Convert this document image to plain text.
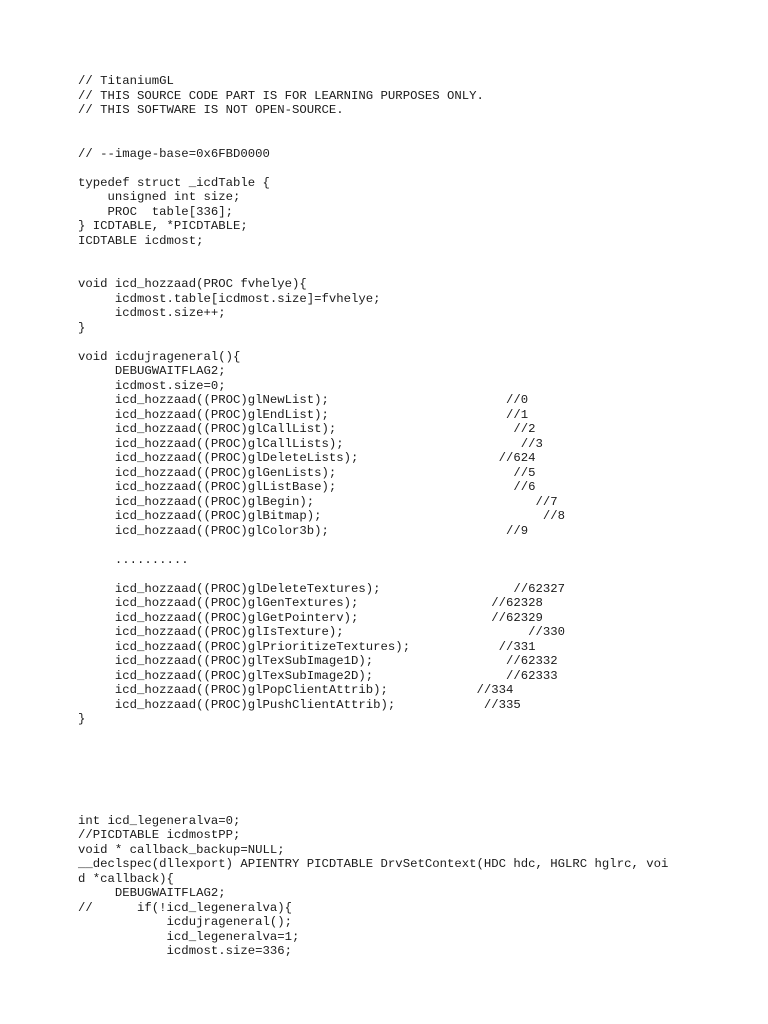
// TitaniumGL
// THIS SOURCE CODE PART IS FOR LEARNING PURPOSES ONLY.
// THIS SOFTWARE IS NOT OPEN-SOURCE.
// --image-base=0x6FBD0000
typedef struct _icdTable {
unsigned int size;
PROC  table[336];
} ICDTABLE, *PICDTABLE;
ICDTABLE icdmost;
void icd_hozzaad(PROC fvhelye){
icdmost.table[icdmost.size]=fvhelye;
icdmost.size++;
}
void icdujrageneral(){
DEBUGWAITFLAG2;
icdmost.size=0;
icd_hozzaad((PROC)glNewList);                        //0
icd_hozzaad((PROC)glEndList);                        //1
icd_hozzaad((PROC)glCallList);                        //2
icd_hozzaad((PROC)glCallLists);                        //3
icd_hozzaad((PROC)glDeleteLists);                   //624
icd_hozzaad((PROC)glGenLists);                        //5
icd_hozzaad((PROC)glListBase);                        //6
icd_hozzaad((PROC)glBegin);                              //7
icd_hozzaad((PROC)glBitmap);                              //8
icd_hozzaad((PROC)glColor3b);                        //9
..........
icd_hozzaad((PROC)glDeleteTextures);                  //62327
icd_hozzaad((PROC)glGenTextures);                  //62328
icd_hozzaad((PROC)glGetPointerv);                  //62329
icd_hozzaad((PROC)glIsTexture);                         //330
icd_hozzaad((PROC)glPrioritizeTextures);            //331
icd_hozzaad((PROC)glTexSubImage1D);                  //62332
icd_hozzaad((PROC)glTexSubImage2D);                  //62333
icd_hozzaad((PROC)glPopClientAttrib);            //334
icd_hozzaad((PROC)glPushClientAttrib);            //335
}
int icd_legeneralva=0;
//PICDTABLE icdmostPP;
void * callback_backup=NULL;
__declspec(dllexport) APIENTRY PICDTABLE DrvSetContext(HDC hdc, HGLRC hglrc, voi
d *callback){
DEBUGWAITFLAG2;
//      if(!icd_legeneralva){
icdujrageneral();
icd_legeneralva=1;
icdmost.size=336;
